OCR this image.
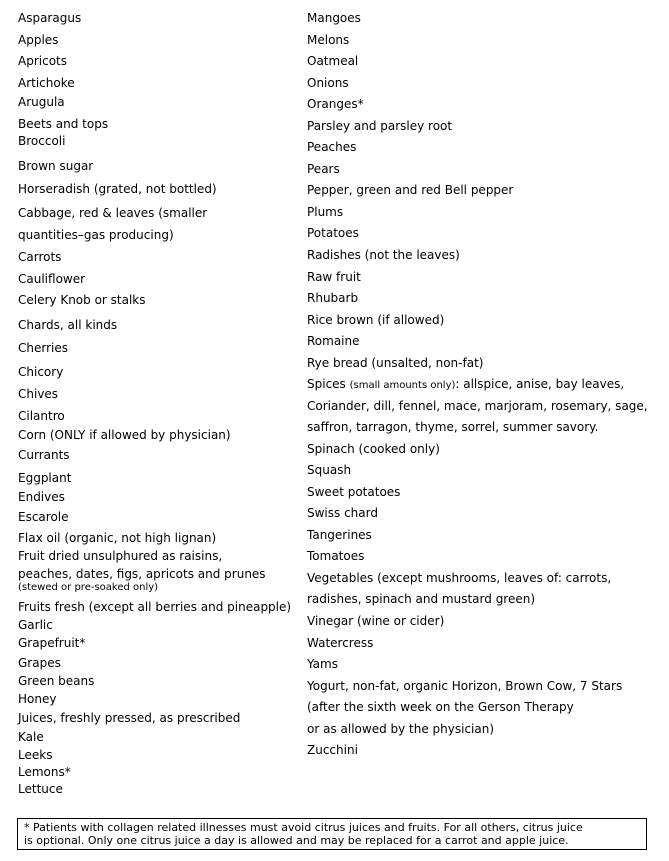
Asparagus
Apples
Apricots
Artichoke
Arugula
Beets and tops
Broccoli
Brown sugar
Horseradish (grated, not bottled)
Cabbage, red & leaves (smaller
quantities–gas producing)
Carrots
Cauliflower
Celery Knob or stalks
Chards, all kinds
Cherries
Chicory
Chives
Cilantro
Corn (ONLY if allowed by physician)
Currants
Eggplant
Endives
Escarole
Flax oil (organic, not high lignan)
Fruit dried unsulphured as raisins,
peaches, dates, figs, apricots and prunes
(stewed or pre-soaked only)
Fruits fresh (except all berries and pineapple)
Garlic
Grapefruit*
Grapes
Green beans
Honey
Juices, freshly pressed, as prescribed
Kale
Leeks
Lemons*
Lettuce
Mangoes
Melons
Oatmeal
Onions
Oranges*
Parsley and parsley root
Peaches
Pears
Pepper, green and red Bell pepper
Plums
Potatoes
Radishes (not the leaves)
Raw fruit
Rhubarb
Rice brown (if allowed)
Romaine
Rye bread (unsalted, non-fat)
Spices (small amounts only): allspice, anise, bay leaves,
Coriander, dill, fennel, mace, marjoram, rosemary, sage,
saffron, tarragon, thyme, sorrel, summer savory.
Spinach (cooked only)
Squash
Sweet potatoes
Swiss chard
Tangerines
Tomatoes
Vegetables (except mushrooms, leaves of: carrots,
radishes, spinach and mustard green)
Vinegar (wine or cider)
Watercress
Yams
Yogurt, non-fat, organic Horizon, Brown Cow, 7 Stars
(after the sixth week on the Gerson Therapy
or as allowed by the physician)
Zucchini
* Patients with collagen related illnesses must avoid citrus juices and fruits. For all others, citrus juice
is optional. Only one citrus juice a day is allowed and may be replaced for a carrot and apple juice.
